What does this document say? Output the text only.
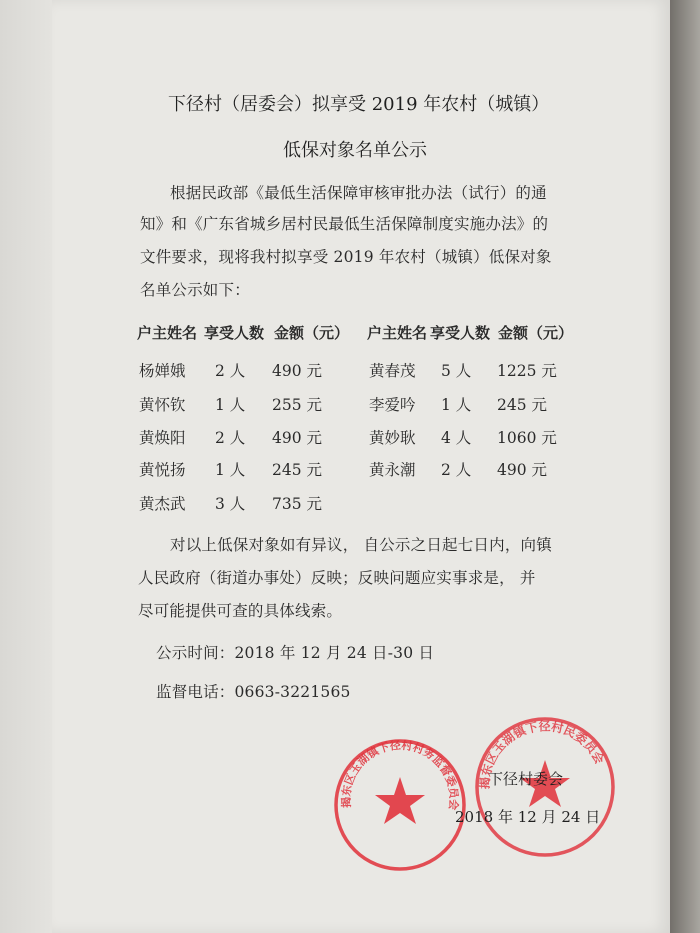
下径村（居委会）拟享受 2019 年农村（城镇）
低保对象名单公示
根据民政部《最低生活保障审核审批办法（试行）的通
知》和《广东省城乡居村民最低生活保障制度实施办法》的
文件要求，现将我村拟享受 2019 年农村（城镇）低保对象
名单公示如下：
户主姓名 享受人数 金额（元） 户主姓名 享受人数 金额（元）
杨婵娥 2 人 490 元
黄怀钦 1 人 255 元
黄焕阳 2 人 490 元
黄悦扬 1 人 245 元
黄杰武 3 人 735 元
黄春茂 5 人 1225 元
李爱吟 1 人 245 元
黄妙耿 4 人 1060 元
黄永潮 2 人 490 元
对以上低保对象如有异议， 自公示之日起七日内，向镇
人民政府（街道办事处）反映；反映问题应实事求是， 并
尽可能提供可查的具体线索。
公示时间：2018 年 12 月 24 日-30 日
监督电话：0663-3221565
揭东区玉湖镇下径村村务监督委员会
揭东区玉湖镇下径村民委员会
下径村委会
2018 年 12 月 24 日
